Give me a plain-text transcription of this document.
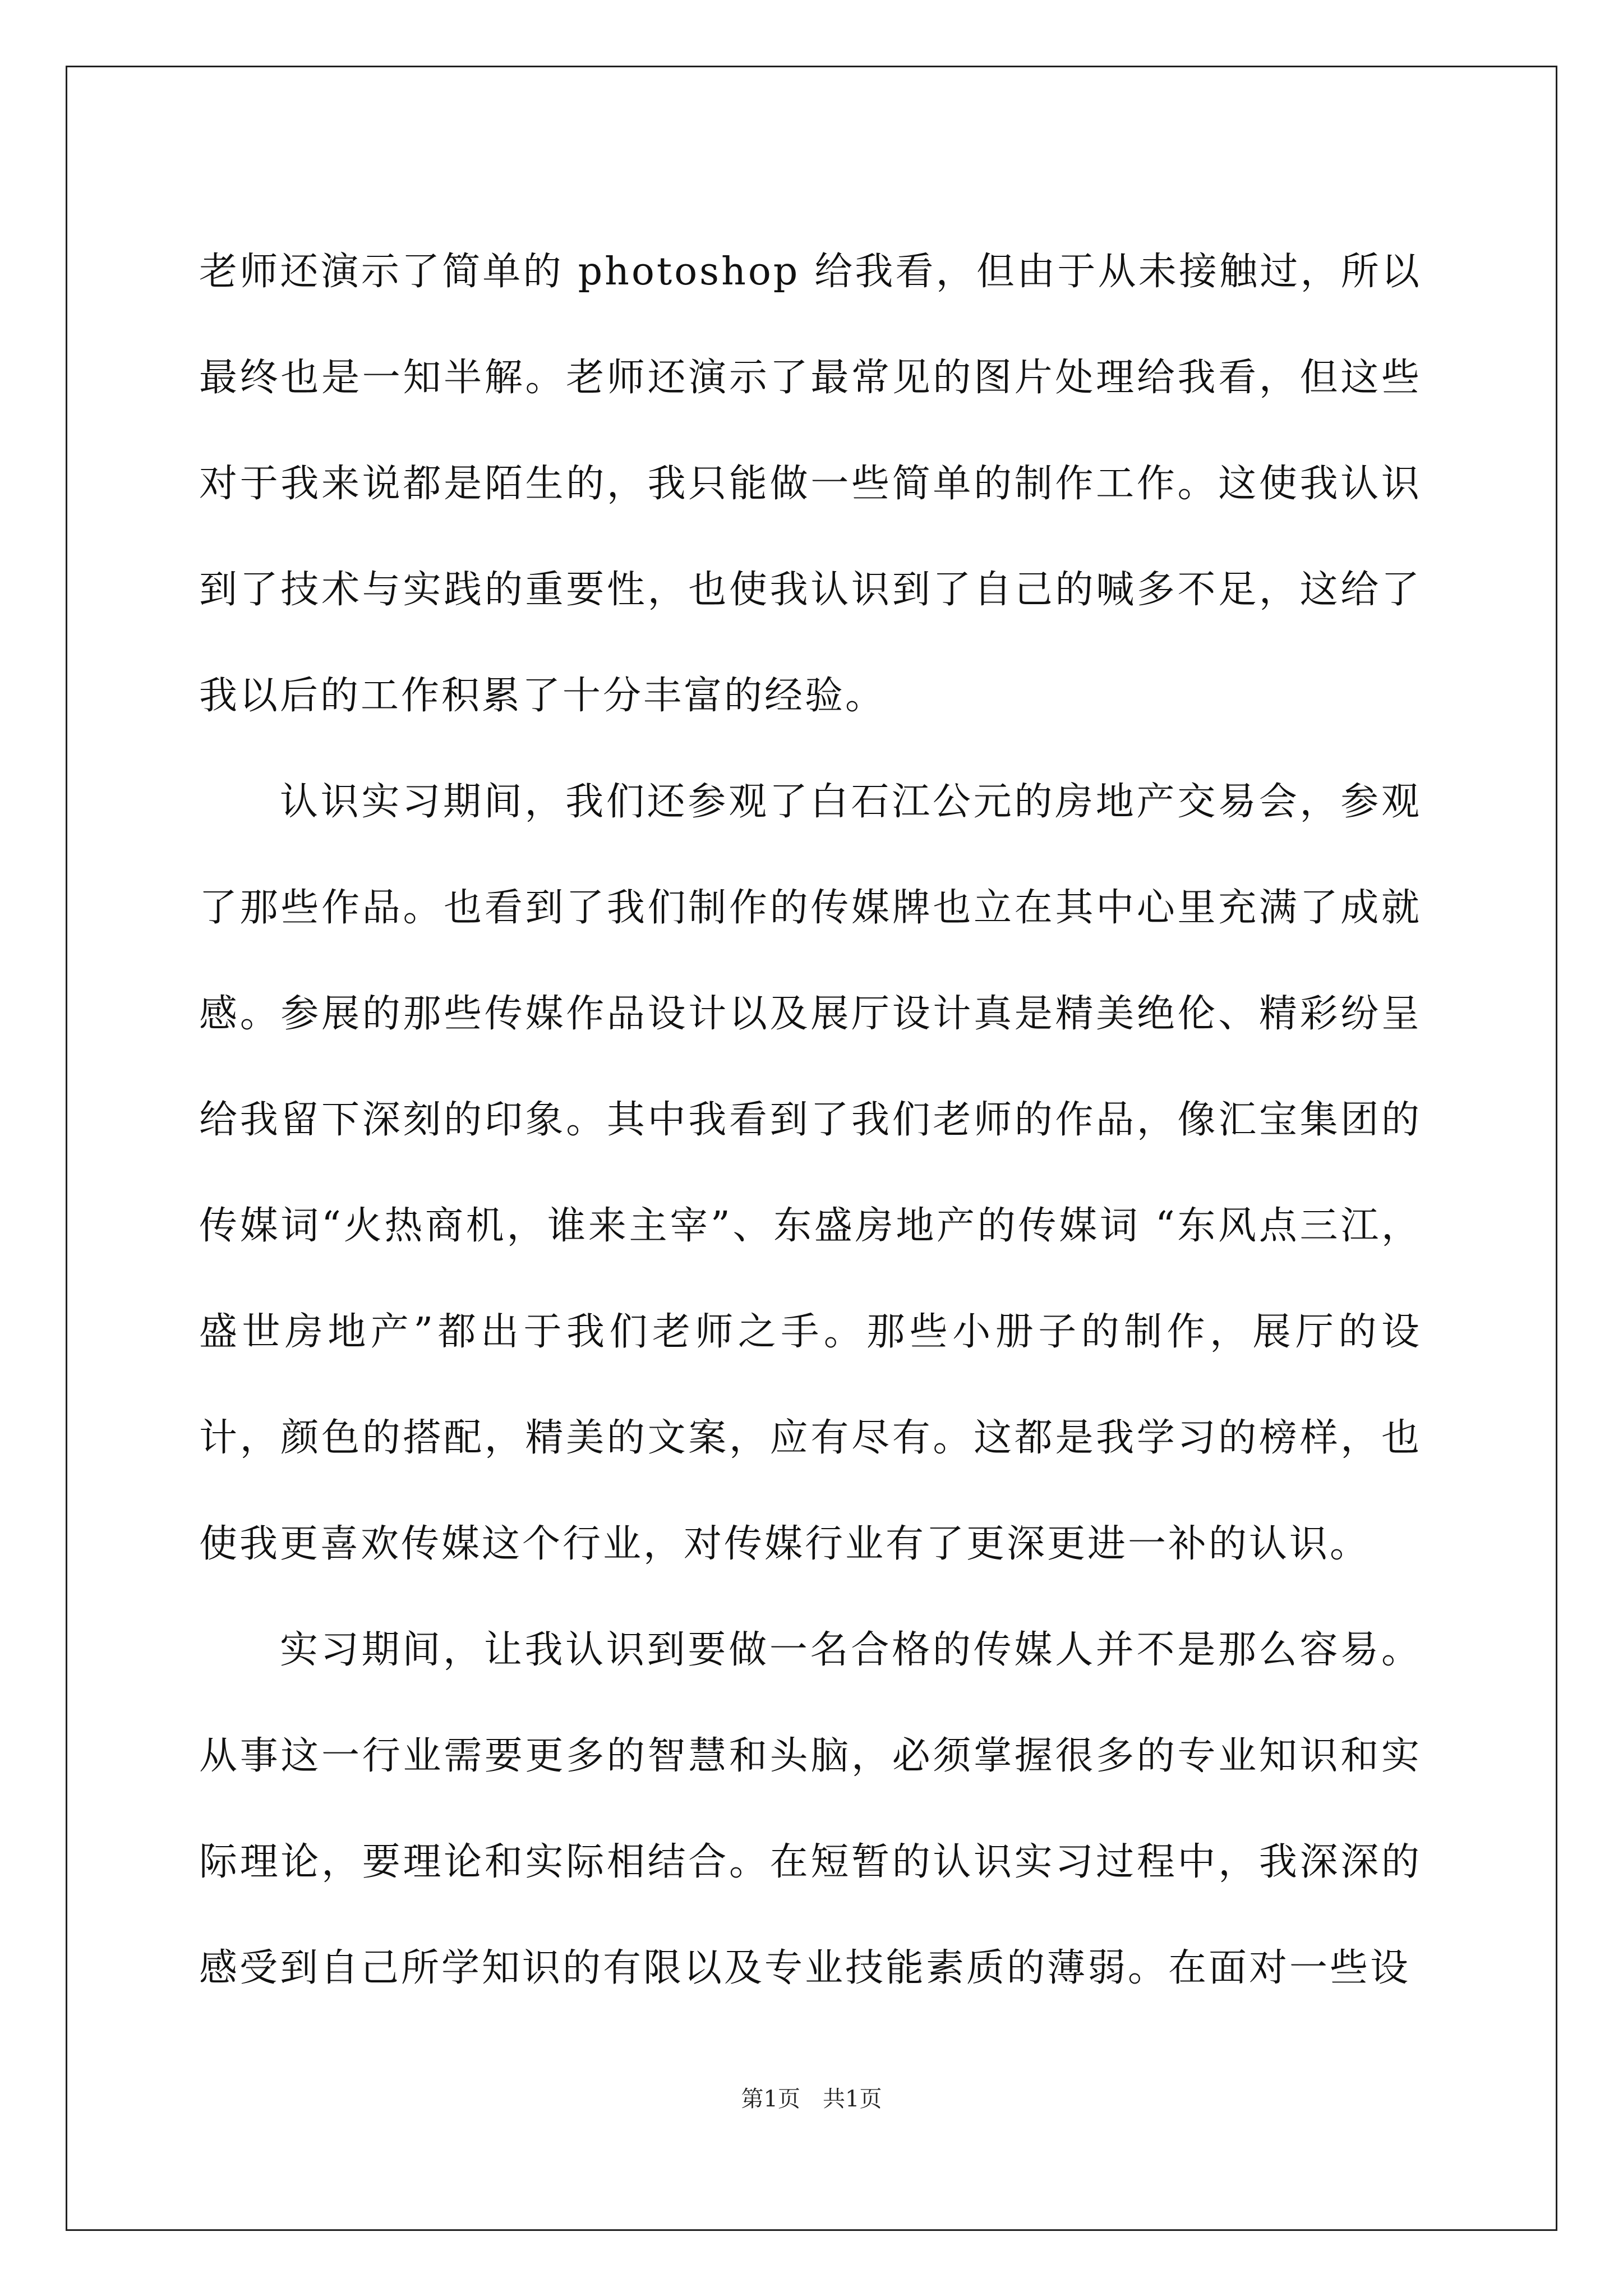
老师还演示了简单的 photoshop 给我看，但由于从未接触过，所以最终也是一知半解。老师还演示了最常见的图片处理给我看，但这些对于我来说都是陌生的，我只能做一些简单的制作工作。这使我认识到了技术与实践的重要性，也使我认识到了自己的喊多不足，这给了我以后的工作积累了十分丰富的经验。

认识实习期间，我们还参观了白石江公元的房地产交易会，参观了那些作品。也看到了我们制作的传媒牌也立在其中心里充满了成就感。参展的那些传媒作品设计以及展厅设计真是精美绝伦、精彩纷呈给我留下深刻的印象。其中我看到了我们老师的作品，像汇宝集团的传媒词“火热商机，谁来主宰”、东盛房地产的传媒词 “东风点三江，盛世房地产”都出于我们老师之手。那些小册子的制作，展厅的设计，颜色的搭配，精美的文案，应有尽有。这都是我学习的榜样，也使我更喜欢传媒这个行业，对传媒行业有了更深更进一补的认识。

实习期间，让我认识到要做一名合格的传媒人并不是那么容易。从事这一行业需要更多的智慧和头脑，必须掌握很多的专业知识和实际理论，要理论和实际相结合。在短暂的认识实习过程中，我深深的感受到自己所学知识的有限以及专业技能素质的薄弱。在面对一些设

第1页　共1页
